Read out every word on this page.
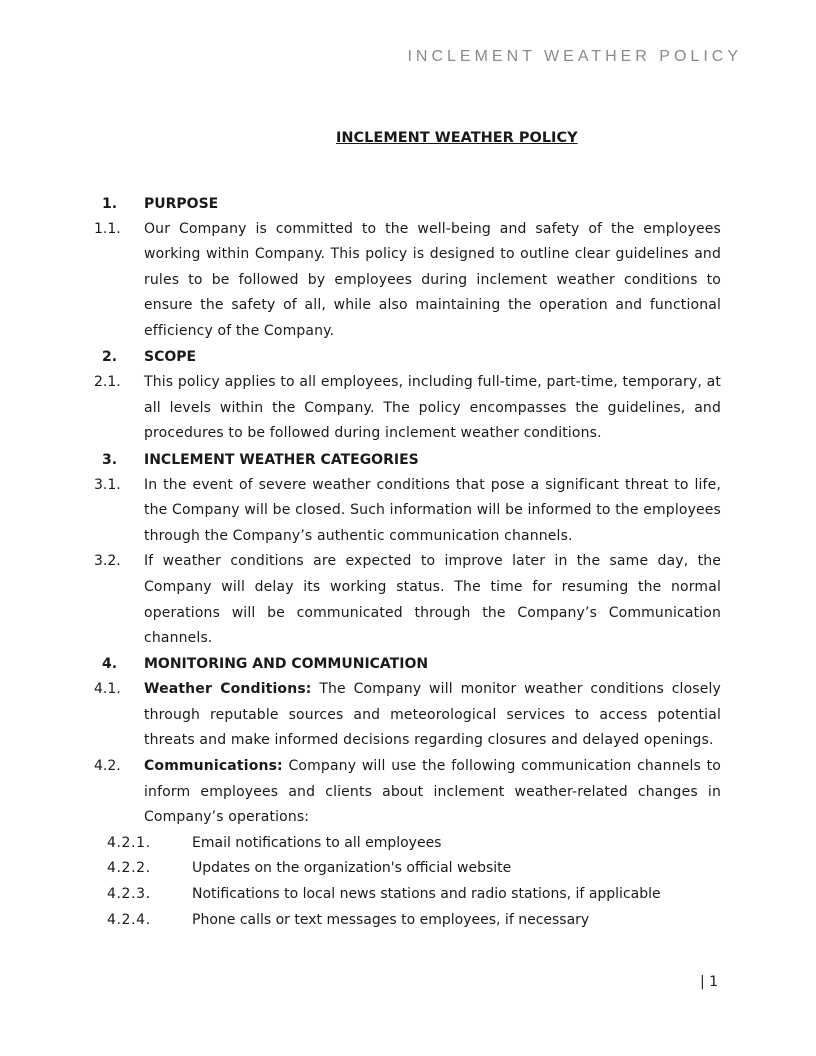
INCLEMENT WEATHER POLICY
INCLEMENT WEATHER POLICY
1.	PURPOSE
1.1.	Our Company is committed to the well-being and safety of the employees working within Company. This policy is designed to outline clear guidelines and rules to be followed by employees during inclement weather conditions to ensure the safety of all, while also maintaining the operation and functional efficiency of the Company.
2.	SCOPE
2.1.	This policy applies to all employees, including full-time, part-time, temporary, at all levels within the Company. The policy encompasses the guidelines, and procedures to be followed during inclement weather conditions.
3.	INCLEMENT WEATHER CATEGORIES
3.1.	In the event of severe weather conditions that pose a significant threat to life, the Company will be closed. Such information will be informed to the employees through the Company’s authentic communication channels.
3.2.	If weather conditions are expected to improve later in the same day, the Company will delay its working status. The time for resuming the normal operations will be communicated through the Company’s Communication channels.
4.	MONITORING AND COMMUNICATION
4.1.	Weather Conditions: The Company will monitor weather conditions closely through reputable sources and meteorological services to access potential threats and make informed decisions regarding closures and delayed openings.
4.2.	Communications: Company will use the following communication channels to inform employees and clients about inclement weather-related changes in Company’s operations:
4.2.1.	Email notifications to all employees
4.2.2.	Updates on the organization's official website
4.2.3.	Notifications to local news stations and radio stations, if applicable
4.2.4.	Phone calls or text messages to employees, if necessary
| 1
